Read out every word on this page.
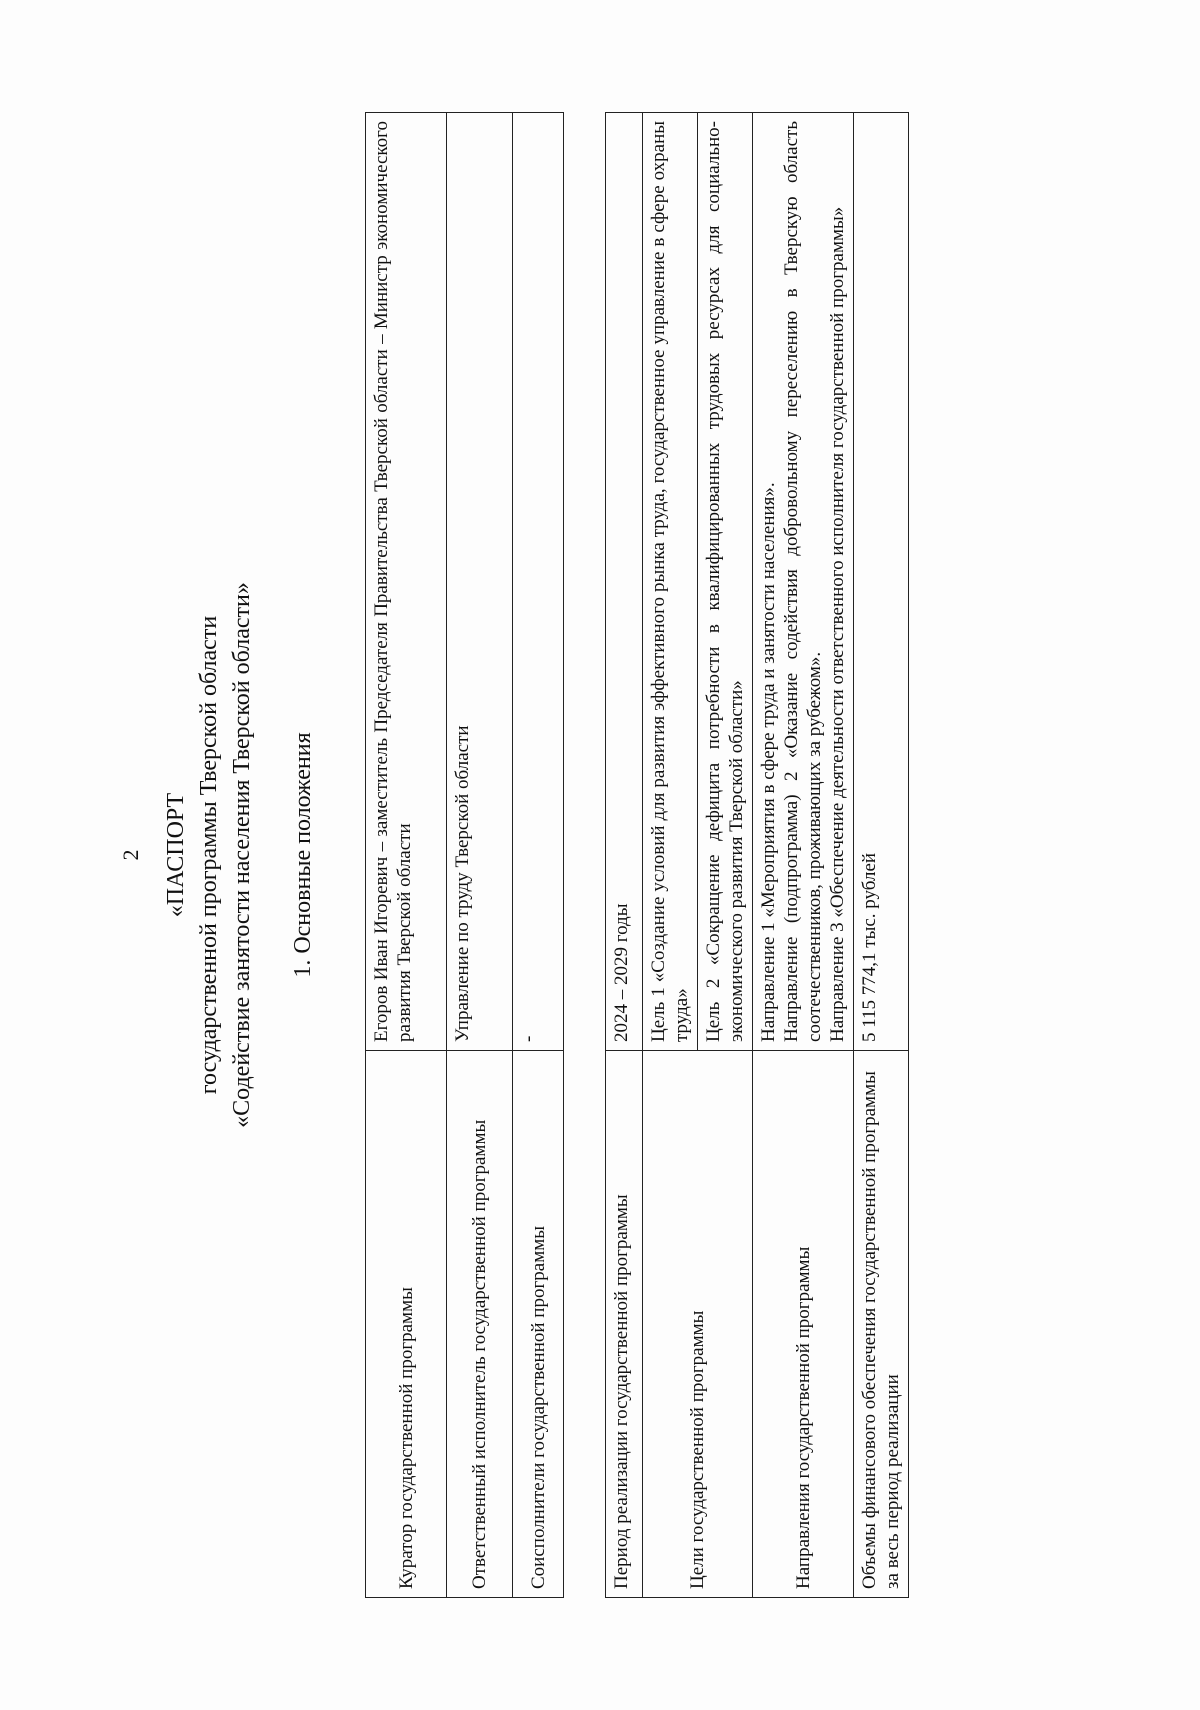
2 «ПАСПОРТ государственной программы Тверской области «Содействие занятости населения Тверской области» 1. Основные положения
Куратор государственной программы	Егоров Иван Игоревич – заместитель Председателя Правительства Тверской области – Министр экономического развития Тверской области
Ответственный исполнитель государственной программы	Управление по труду Тверской области
Соисполнители государственной программы	-
Период реализации государственной программы	2024 – 2029 годы
Цели государственной программы	Цель 1 «Создание условий для развития эффективного рынка труда, государственное управление в сфере охраны труда»
	Цель 2 «Сокращение дефицита потребности в квалифицированных трудовых ресурсах для социально-экономического развития Тверской области»
Направления государственной программы	Направление 1 «Мероприятия в сфере труда и занятости населения». Направление (подпрограмма) 2 «Оказание содействия добровольному переселению в Тверскую область соотечественников, проживающих за рубежом». Направление 3 «Обеспечение деятельности ответственного исполнителя государственной программы»

Объемы финансового обеспечения государственной программы за весь период реализации	5 115 774,1 тыс. рублей
